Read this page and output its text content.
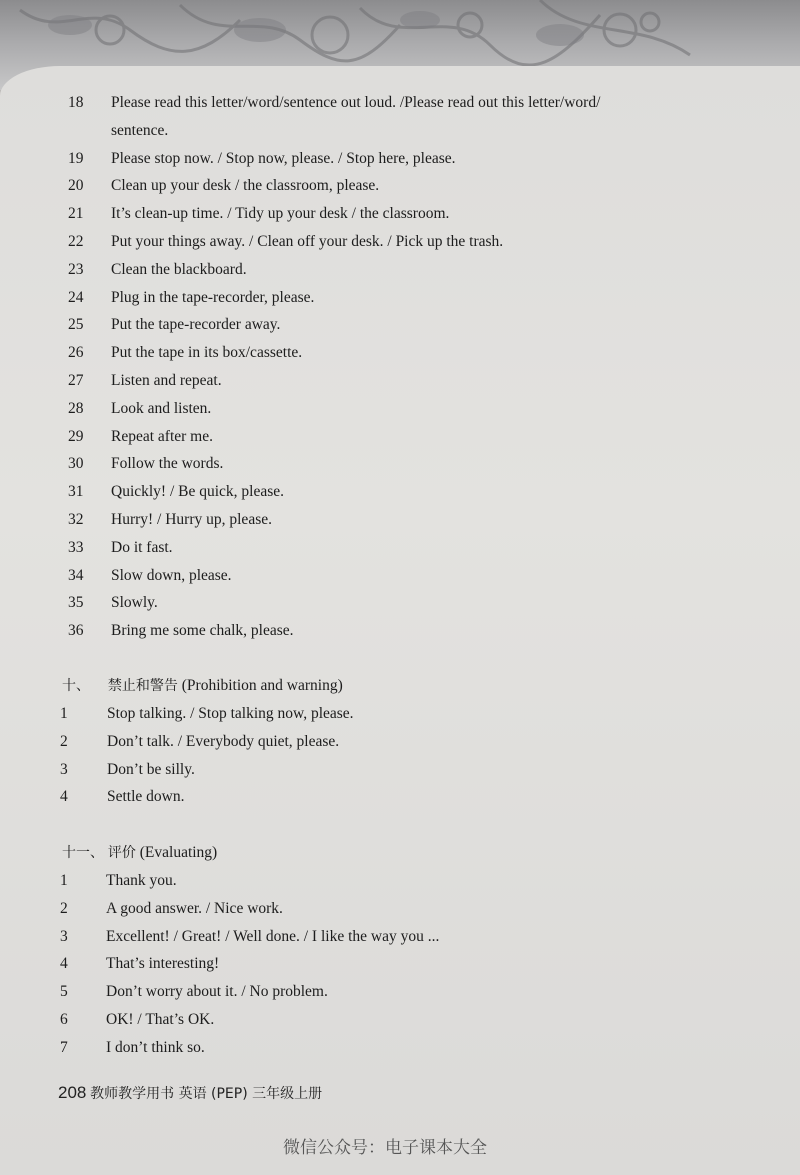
18 Please read this letter/word/sentence out loud. /Please read out this letter/word/
sentence.
19 Please stop now. / Stop now, please. / Stop here, please.
20 Clean up your desk / the classroom, please.
21 It’s clean-up time. / Tidy up your desk / the classroom.
22 Put your things away. / Clean off your desk. / Pick up the trash.
23 Clean the blackboard.
24 Plug in the tape-recorder, please.
25 Put the tape-recorder away.
26 Put the tape in its box/cassette.
27 Listen and repeat.
28 Look and listen.
29 Repeat after me.
30 Follow the words.
31 Quickly! / Be quick, please.
32 Hurry! / Hurry up, please.
33 Do it fast.
34 Slow down, please.
35 Slowly.
36 Bring me some chalk, please.
十、 禁止和警告 (Prohibition and warning)
1	Stop talking. / Stop talking now, please.
2	Don’t talk. / Everybody quiet, please.
3	Don’t be silly.
4	Settle down.
十一、 评价 (Evaluating)
1 Thank you.
2 A good answer. / Nice work.
3 Excellent! / Great! / Well done. / I like the way you ...
4 That’s interesting!
5 Don’t worry about it. / No problem.
6 OK! / That’s OK.
7 I don’t think so.
208 教师教学用书 英语 (PEP) 三年级上册
微信公众号：电子课本大全
